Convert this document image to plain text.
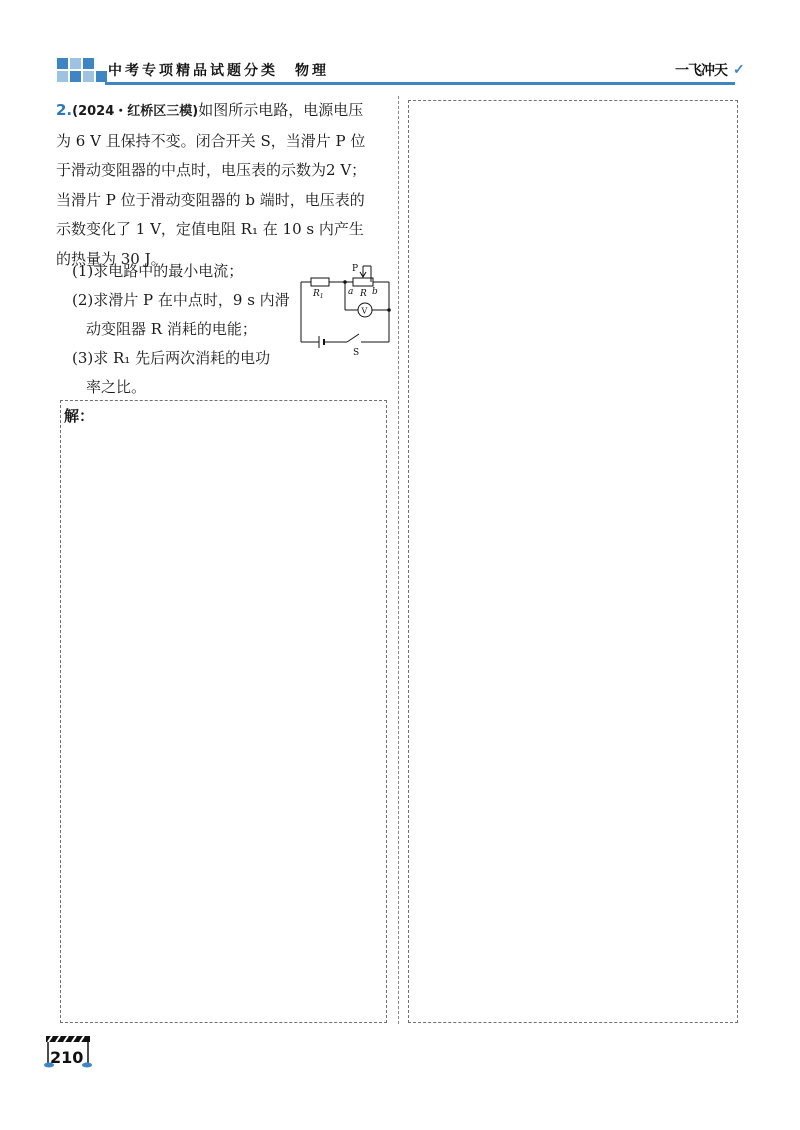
中考专项精品试题分类　物理	一飞冲天 ✓

2.(2024・红桥区三模)如图所示电路，电源电压

为 6 V 且保持不变。闭合开关 S，当滑片 P 位
于滑动变阻器的中点时，电压表的示数为2 V；
当滑片 P 位于滑动变阻器的 b 端时，电压表的
示数变化了 1 V，定值电阻 R₁ 在 10 s 内产生
的热量为 30 J。
(1)求电路中的最小电流；
(2)求滑片 P 在中点时，9 s 内滑
动变阻器 R 消耗的电能；
(3)求 R₁ 先后两次消耗的电功
率之比。
$R_1$
P
a R b
V
S
解：
210
